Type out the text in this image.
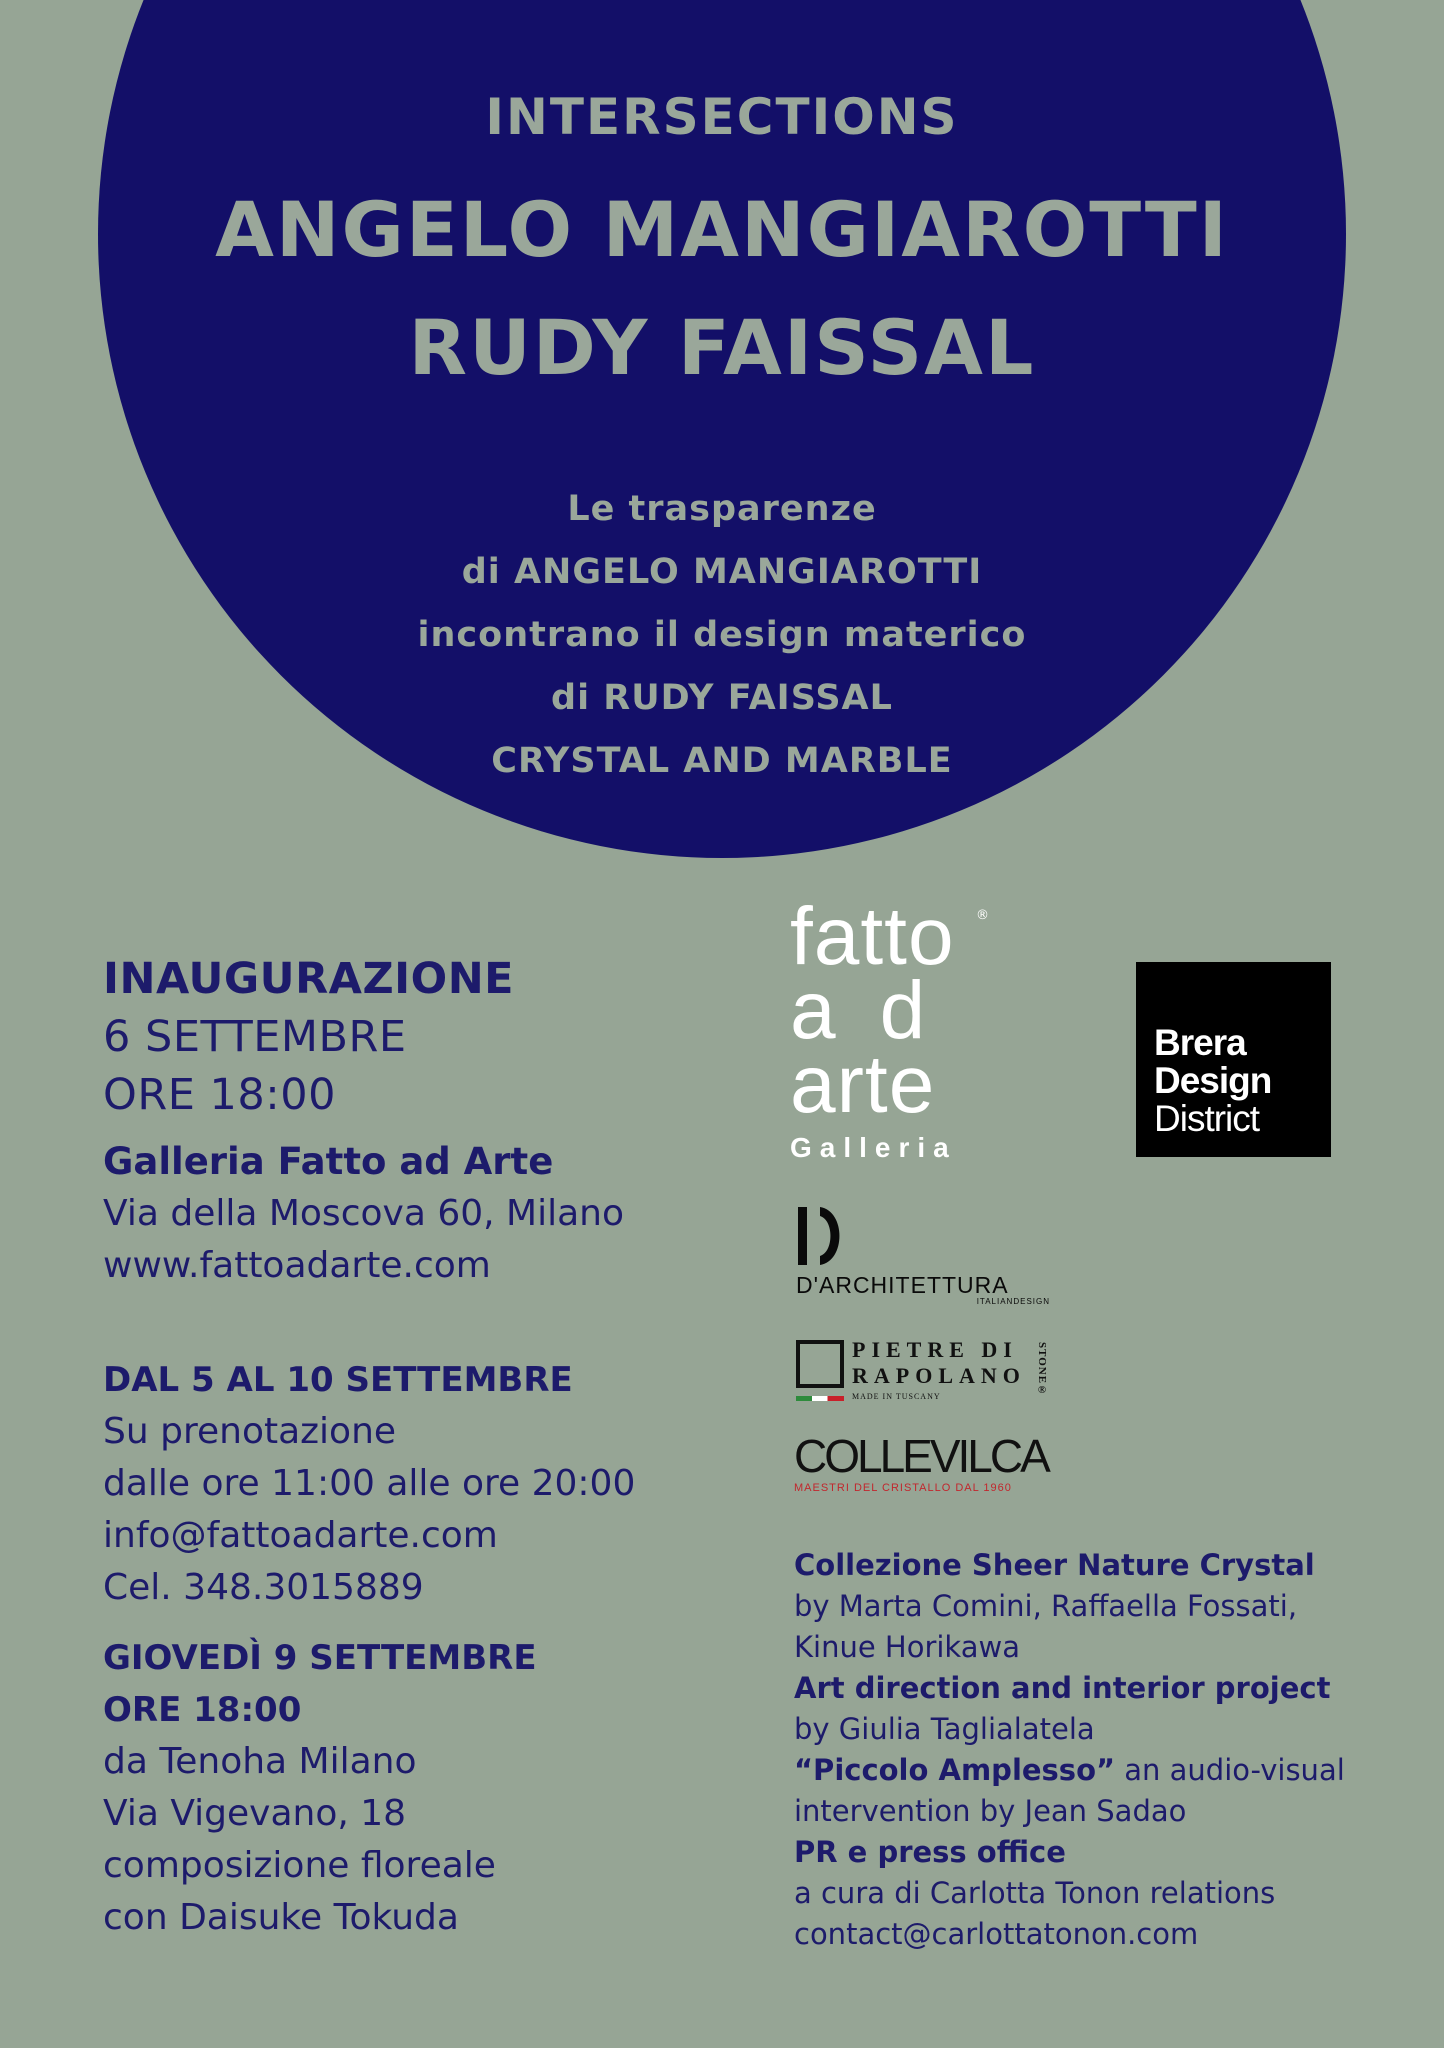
INTERSECTIONS
ANGELO MANGIAROTTI
RUDY FAISSAL
Le trasparenze
di ANGELO MANGIAROTTI
incontrano il design materico
di RUDY FAISSAL
CRYSTAL AND MARBLE
INAUGURAZIONE
6 SETTEMBRE
ORE 18:00
Galleria Fatto ad Arte
Via della Moscova 60, Milano
www.fattoadarte.com
DAL 5 AL 10 SETTEMBRE
Su prenotazione
dalle ore 11:00 alle ore 20:00
info@fattoadarte.com
Cel. 348.3015889
GIOVEDÌ 9 SETTEMBRE
ORE 18:00
da Tenoha Milano
Via Vigevano, 18
composizione floreale
con Daisuke Tokuda
®
fatto
ad
arte
Galleria
Brera
Design
District
D'ARCHITETTURA
ITALIANDESIGN
PIETRE DI
RAPOLANO STONE®
MADE IN TUSCANY
COLLEVILCA
MAESTRI DEL CRISTALLO DAL 1960
Collezione Sheer Nature Crystal
by Marta Comini, Raffaella Fossati,
Kinue Horikawa
Art direction and interior project
by Giulia Taglialatela
“Piccolo Amplesso” an audio-visual
intervention by Jean Sadao
PR e press office
a cura di Carlotta Tonon relations
contact@carlottatonon.com
